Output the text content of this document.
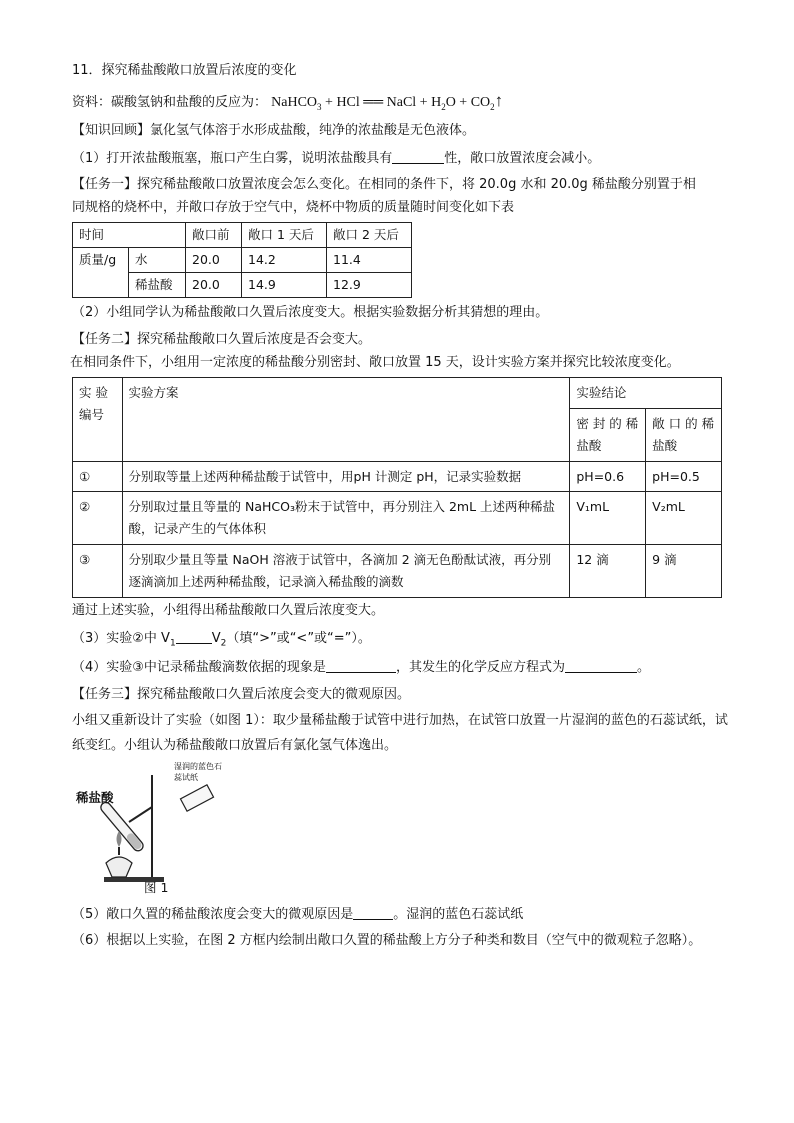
11．探究稀盐酸敞口放置后浓度的变化
资料：碳酸氢钠和盐酸的反应为： NaHCO$_3$ + HCl ══ NaCl + $H_2O$ + $CO_2↑$
【知识回顾】氯化氢气体溶于水形成盐酸，纯净的浓盐酸是无色液体。
（1）打开浓盐酸瓶塞，瓶口产生白雾，说明浓盐酸具有	性，敞口放置浓度会减小。
【任务一】探究稀盐酸敞口放置浓度会怎么变化。在相同的条件下，将 20.0g 水和 20.0g 稀盐酸分别置于相
同规格的烧杯中，并敞口存放于空气中，烧杯中物质的质量随时间变化如下表
时间		敞口前	敞口 1 天后	敞口 2 天后
质量/g	水	20.0	14.2	11.4
	稀盐酸	20.0	14.9	12.9
（2）小组同学认为稀盐酸敞口久置后浓度变大。根据实验数据分析其猜想的理由。
【任务二】探究稀盐酸敞口久置后浓度是否会变大。
在相同条件下，小组用一定浓度的稀盐酸分别密封、敞口放置 15 天，设计实验方案并探究比较浓度变化。
实 验 编号	实验方案	实验结论	
		密 封 的 稀 盐酸	敞 口 的 稀 盐酸
①	分别取等量上述两种稀盐酸于试管中，用pH 计测定 pH，记录实验数据	pH=0.6	pH=0.5
②	分别取过量且等量的 NaHCO₃粉末于试管中，再分别注入 2mL 上述两种稀盐酸，记录产生的气体体积	V₁mL	V₂mL
③	分别取少量且等量 NaOH 溶液于试管中，各滴加 2 滴无色酚酞试液，再分别逐滴滴加上述两种稀盐酸，记录滴入稀盐酸的滴数	12 滴	9 滴
通过上述实验，小组得出稀盐酸敞口久置后浓度变大。
（3）实验②中 $V_1$	$V_2$（填“>”或“<”或“=”）。
（4）实验③中记录稀盐酸滴数依据的现象是	，其发生的化学反应方程式为	。
【任务三】探究稀盐酸敞口久置后浓度会变大的微观原因。
小组又重新设计了实验（如图 1）：取少量稀盐酸于试管中进行加热，在试管口放置一片湿润的蓝色的石蕊试纸，试纸变红。小组认为稀盐酸敞口放置后有氯化氢气体逸出。
稀盐酸
湿润的蓝色石蕊试纸
图 1
（5）敞口久置的稀盐酸浓度会变大的微观原因是	。湿润的蓝色石蕊试纸
（6）根据以上实验，在图 2 方框内绘制出敞口久置的稀盐酸上方分子种类和数目（空气中的微观粒子忽略）。
